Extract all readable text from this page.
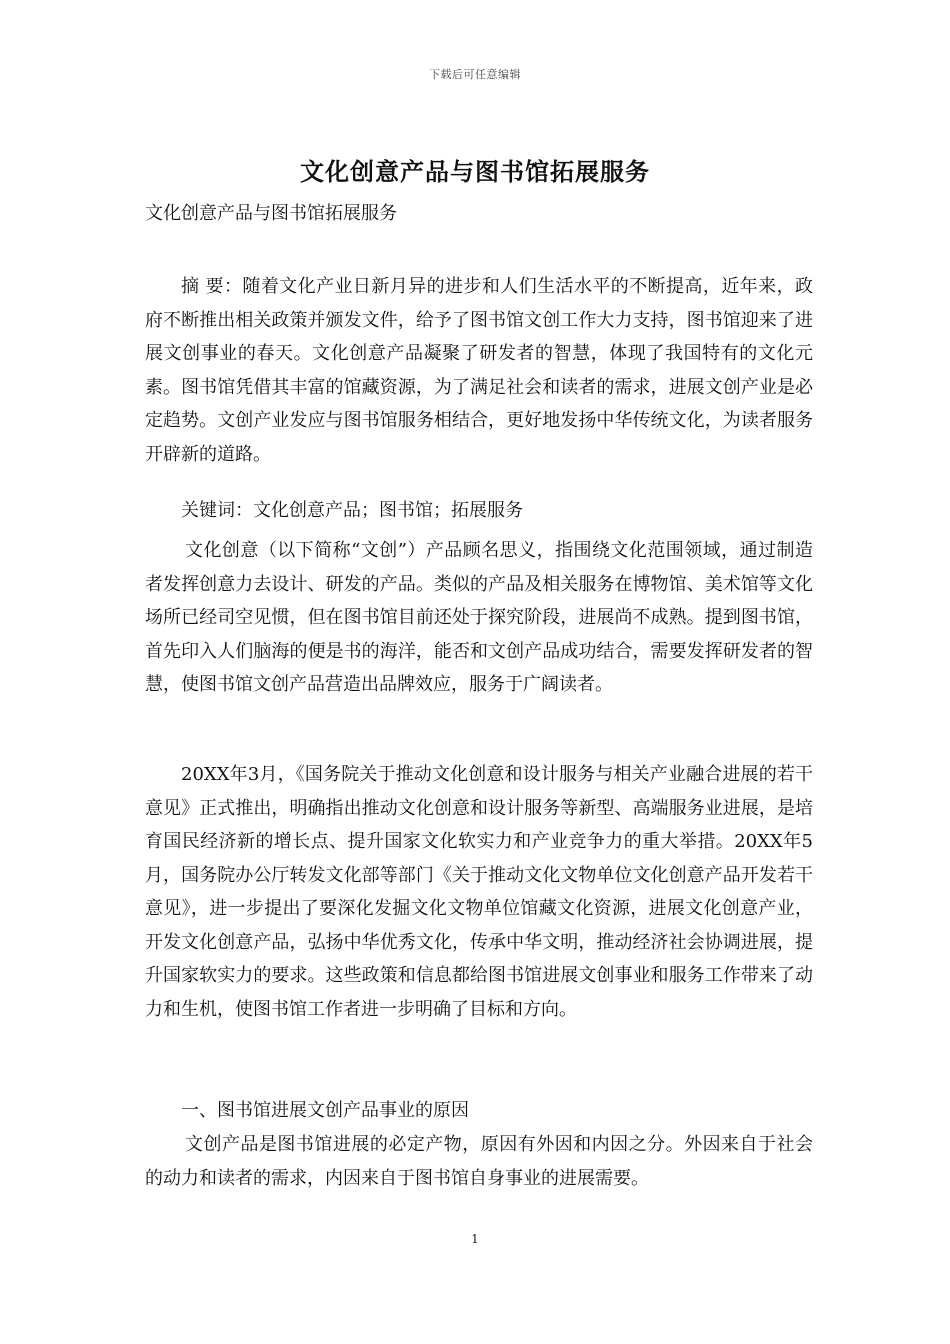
下载后可任意编辑
文化创意产品与图书馆拓展服务

文化创意产品与图书馆拓展服务

摘 要：随着文化产业日新月异的进步和人们生活水平的不断提高，近年来，政府不断推出相关政策并颁发文件，给予了图书馆文创工作大力支持，图书馆迎来了进展文创事业的春天。文化创意产品凝聚了研发者的智慧，体现了我国特有的文化元素。图书馆凭借其丰富的馆藏资源，为了满足社会和读者的需求，进展文创产业是必定趋势。文创产业发应与图书馆服务相结合，更好地发扬中华传统文化，为读者服务开辟新的道路。

关键词：文化创意产品；图书馆；拓展服务

文化创意（以下简称“文创”）产品顾名思义，指围绕文化范围领域，通过制造者发挥创意力去设计、研发的产品。类似的产品及相关服务在博物馆、美术馆等文化场所已经司空见惯，但在图书馆目前还处于探究阶段，进展尚不成熟。提到图书馆，首先印入人们脑海的便是书的海洋，能否和文创产品成功结合，需要发挥研发者的智慧，使图书馆文创产品营造出品牌效应，服务于广阔读者。

20XX年3月，《国务院关于推动文化创意和设计服务与相关产业融合进展的若干意见》正式推出，明确指出推动文化创意和设计服务等新型、高端服务业进展，是培育国民经济新的增长点、提升国家文化软实力和产业竞争力的重大举措。20XX年5月，国务院办公厅转发文化部等部门《关于推动文化文物单位文化创意产品开发若干意见》，进一步提出了要深化发掘文化文物单位馆藏文化资源，进展文化创意产业，开发文化创意产品，弘扬中华优秀文化，传承中华文明，推动经济社会协调进展，提升国家软实力的要求。这些政策和信息都给图书馆进展文创事业和服务工作带来了动力和生机，使图书馆工作者进一步明确了目标和方向。

一、图书馆进展文创产品事业的原因

文创产品是图书馆进展的必定产物，原因有外因和内因之分。外因来自于社会的动力和读者的需求，内因来自于图书馆自身事业的进展需要。

1
